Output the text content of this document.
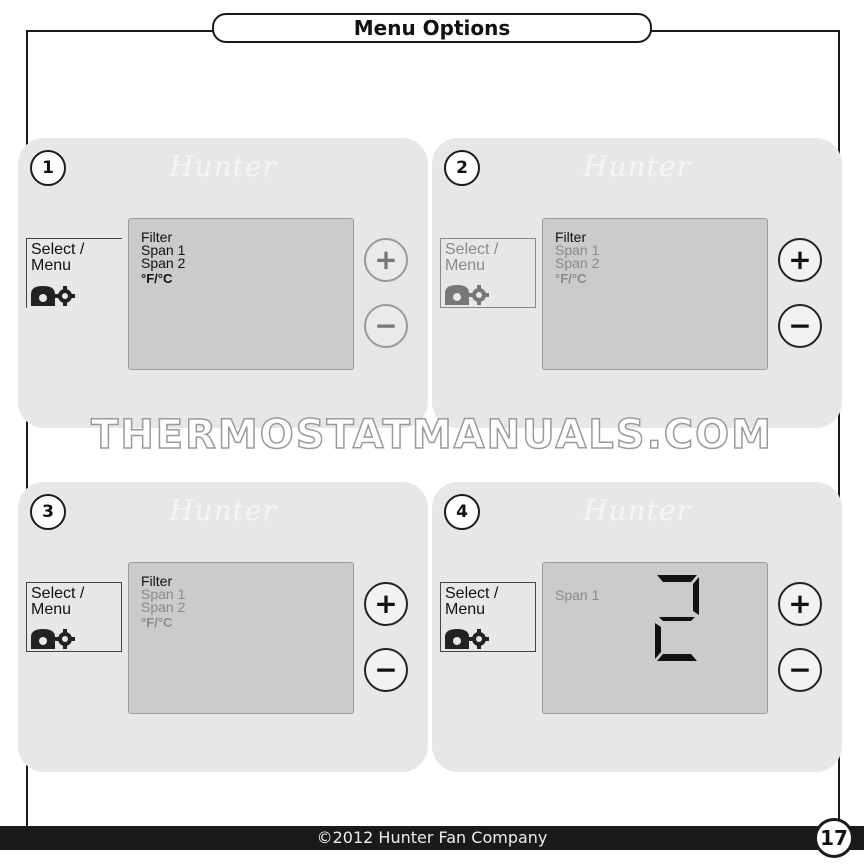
Menu Options
1	Hunter
Select /
Menu
Filter
Span 1
Span 2
°F/°C
+
−
2	Hunter
Select /
Menu
Filter
Span 1
Span 2
°F/°C
+
−
3	Hunter
Select /
Menu
Filter
Span 1
Span 2
°F/°C
+
−
4	Hunter
Select /
Menu
Span 1	+
−
THERMOSTATMANUALS.COM
©2012 Hunter Fan Company	17
